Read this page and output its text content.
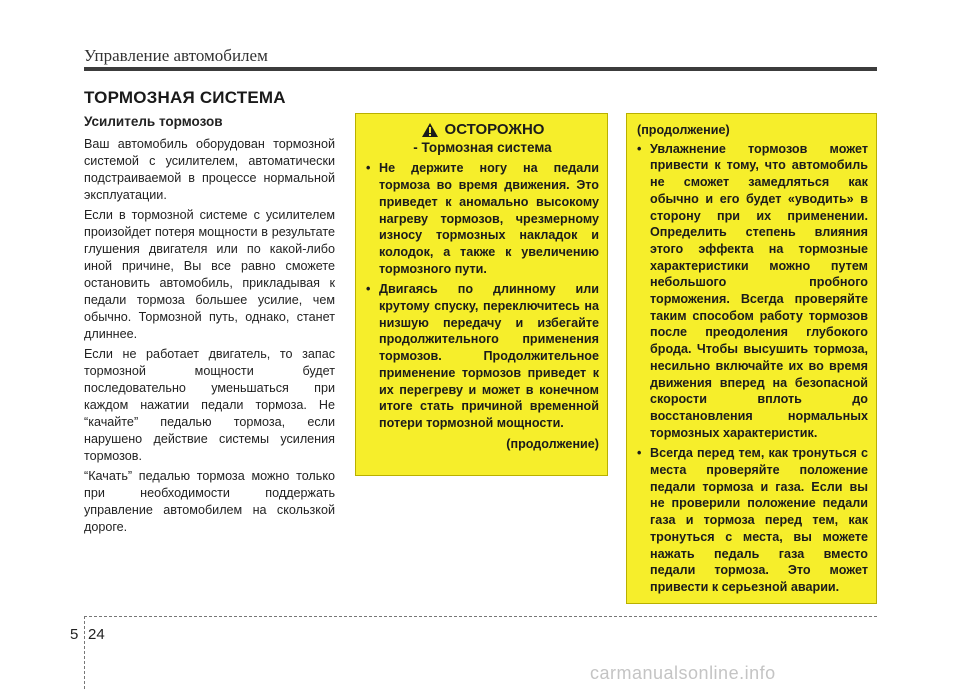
Управление автомобилем
ТОРМОЗНАЯ СИСТЕМА
Усилитель тормозов

Ваш автомобиль оборудован тормозной системой с усилителем, автоматически подстраиваемой в процессе нормальной эксплуатации.

Если в тормозной системе с усилителем произойдет потеря мощности в результате глушения двигателя или по какой-либо иной причине, Вы все равно сможете остановить автомобиль, прикладывая к педали тормоза большее усилие, чем обычно. Тормозной путь, однако, станет длиннее.

Если не работает двигатель, то запас тормозной мощности будет последовательно уменьшаться при каждом нажатии педали тормоза. Не “качайте” педалью тормоза, если нарушено действие системы усиления тормозов.

“Качать” педалью тормоза можно только при необходимости поддержать управление автомобилем на скользкой дороге.

ОСТОРОЖНО
- Тормозная система
• Не держите ногу на педали тормоза во время движения. Это приведет к аномально высокому нагреву тормозов, чрезмерному износу тормозных накладок и колодок, а также к увеличению тормозного пути.
• Двигаясь по длинному или крутому спуску, переключитесь на низшую передачу и избегайте продолжительного применения тормозов. Продолжительное применение тормозов приведет к их перегреву и может в конечном итоге стать причиной временной потери тормозной мощности.
(продолжение)
(продолжение)
• Увлажнение тормозов может привести к тому, что автомобиль не сможет замедляться как обычно и его будет «уводить» в сторону при их применении. Определить степень влияния этого эффекта на тормозные характеристики можно путем небольшого пробного торможения. Всегда проверяйте таким способом работу тормозов после преодоления глубокого брода. Чтобы высушить тормоза, несильно включайте их во время движения вперед на безопасной скорости вплоть до восстановления нормальных тормозных характеристик.
• Всегда перед тем, как тронуться с места проверяйте положение педали тормоза и газа. Если вы не проверили положение педали газа и тормоза перед тем, как тронуться с места, вы можете нажать педаль газа вместо педали тормоза. Это может привести к серьезной аварии.
5 24
carmanualsonline.info
